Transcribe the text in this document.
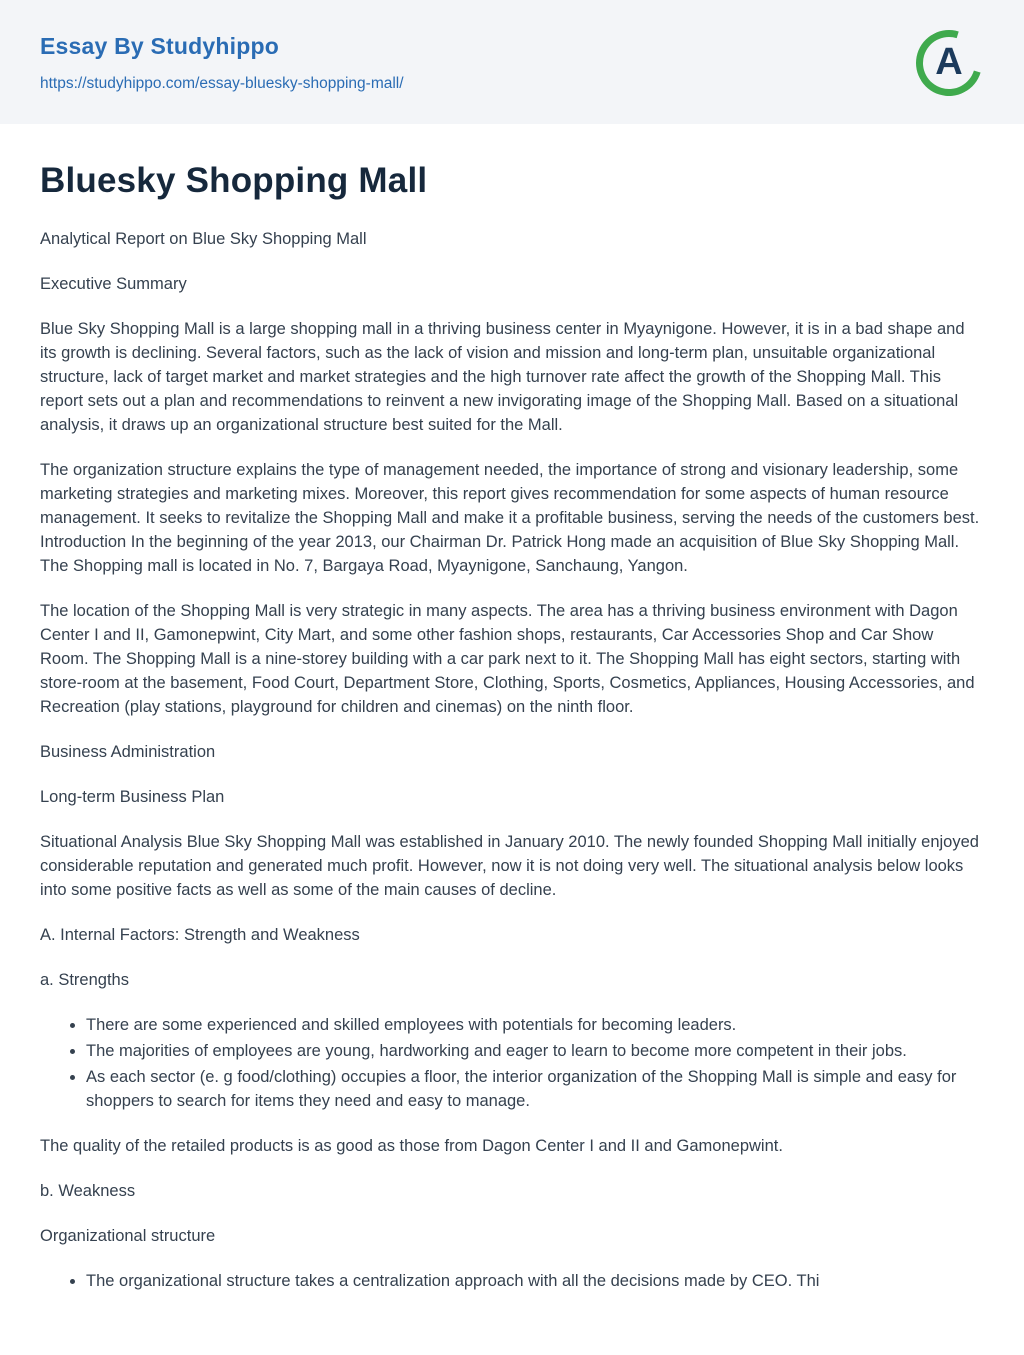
Essay By Studyhippo
https://studyhippo.com/essay-bluesky-shopping-mall/
A
Bluesky Shopping Mall

Analytical Report on Blue Sky Shopping Mall

Executive Summary

Blue Sky Shopping Mall is a large shopping mall in a thriving business center in Myaynigone. However, it is in a bad shape and its growth is declining. Several factors, such as the lack of vision and mission and long-term plan, unsuitable organizational structure, lack of target market and market strategies and the high turnover rate affect the growth of the Shopping Mall. This report sets out a plan and recommendations to reinvent a new invigorating image of the Shopping Mall. Based on a situational analysis, it draws up an organizational structure best suited for the Mall.

The organization structure explains the type of management needed, the importance of strong and visionary leadership, some marketing strategies and marketing mixes. Moreover, this report gives recommendation for some aspects of human resource management. It seeks to revitalize the Shopping Mall and make it a profitable business, serving the needs of the customers best. Introduction In the beginning of the year 2013, our Chairman Dr. Patrick Hong made an acquisition of Blue Sky Shopping Mall. The Shopping mall is located in No. 7, Bargaya Road, Myaynigone, Sanchaung, Yangon.

The location of the Shopping Mall is very strategic in many aspects. The area has a thriving business environment with Dagon Center I and II, Gamonepwint, City Mart, and some other fashion shops, restaurants, Car Accessories Shop and Car Show Room. The Shopping Mall is a nine-storey building with a car park next to it. The Shopping Mall has eight sectors, starting with store-room at the basement, Food Court, Department Store, Clothing, Sports, Cosmetics, Appliances, Housing Accessories, and Recreation (play stations, playground for children and cinemas) on the ninth floor.

Business Administration

Long-term Business Plan

Situational Analysis Blue Sky Shopping Mall was established in January 2010. The newly founded Shopping Mall initially enjoyed considerable reputation and generated much profit. However, now it is not doing very well. The situational analysis below looks into some positive facts as well as some of the main causes of decline.

A. Internal Factors: Strength and Weakness

a. Strengths

• There are some experienced and skilled employees with potentials for becoming leaders.
• The majorities of employees are young, hardworking and eager to learn to become more competent in their jobs.
• As each sector (e. g food/clothing) occupies a floor, the interior organization of the Shopping Mall is simple and easy for shoppers to search for items they need and easy to manage.

The quality of the retailed products is as good as those from Dagon Center I and II and Gamonepwint.

b. Weakness

Organizational structure

• The organizational structure takes a centralization approach with all the decisions made by CEO. Thi
